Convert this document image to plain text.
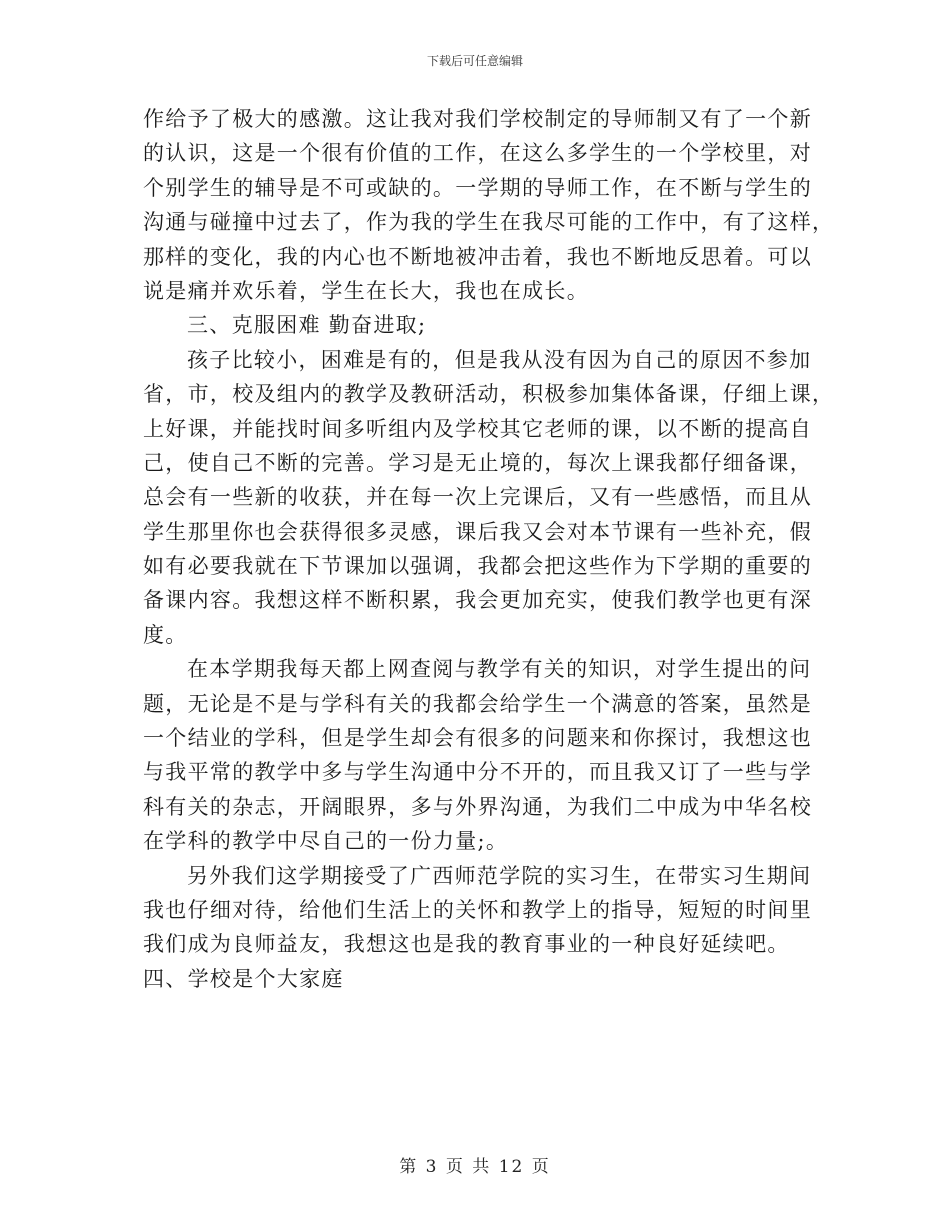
下载后可任意编辑
作给予了极大的感激。这让我对我们学校制定的导师制又有了一个新
的认识，这是一个很有价值的工作，在这么多学生的一个学校里，对
个别学生的辅导是不可或缺的。一学期的导师工作，在不断与学生的
沟通与碰撞中过去了，作为我的学生在我尽可能的工作中，有了这样，
那样的变化，我的内心也不断地被冲击着，我也不断地反思着。可以
说是痛并欢乐着，学生在长大，我也在成长。
三、克服困难 勤奋进取;
孩子比较小，困难是有的，但是我从没有因为自己的原因不参加
省，市，校及组内的教学及教研活动，积极参加集体备课，仔细上课，
上好课，并能找时间多听组内及学校其它老师的课，以不断的提高自
己，使自己不断的完善。学习是无止境的，每次上课我都仔细备课，
总会有一些新的收获，并在每一次上完课后，又有一些感悟，而且从
学生那里你也会获得很多灵感，课后我又会对本节课有一些补充，假
如有必要我就在下节课加以强调，我都会把这些作为下学期的重要的
备课内容。我想这样不断积累，我会更加充实，使我们教学也更有深
度。
在本学期我每天都上网查阅与教学有关的知识，对学生提出的问
题，无论是不是与学科有关的我都会给学生一个满意的答案，虽然是
一个结业的学科，但是学生却会有很多的问题来和你探讨，我想这也
与我平常的教学中多与学生沟通中分不开的，而且我又订了一些与学
科有关的杂志，开阔眼界，多与外界沟通，为我们二中成为中华名校
在学科的教学中尽自己的一份力量;。
另外我们这学期接受了广西师范学院的实习生，在带实习生期间
我也仔细对待，给他们生活上的关怀和教学上的指导，短短的时间里
我们成为良师益友，我想这也是我的教育事业的一种良好延续吧。
四、学校是个大家庭
第 3 页 共 12 页
